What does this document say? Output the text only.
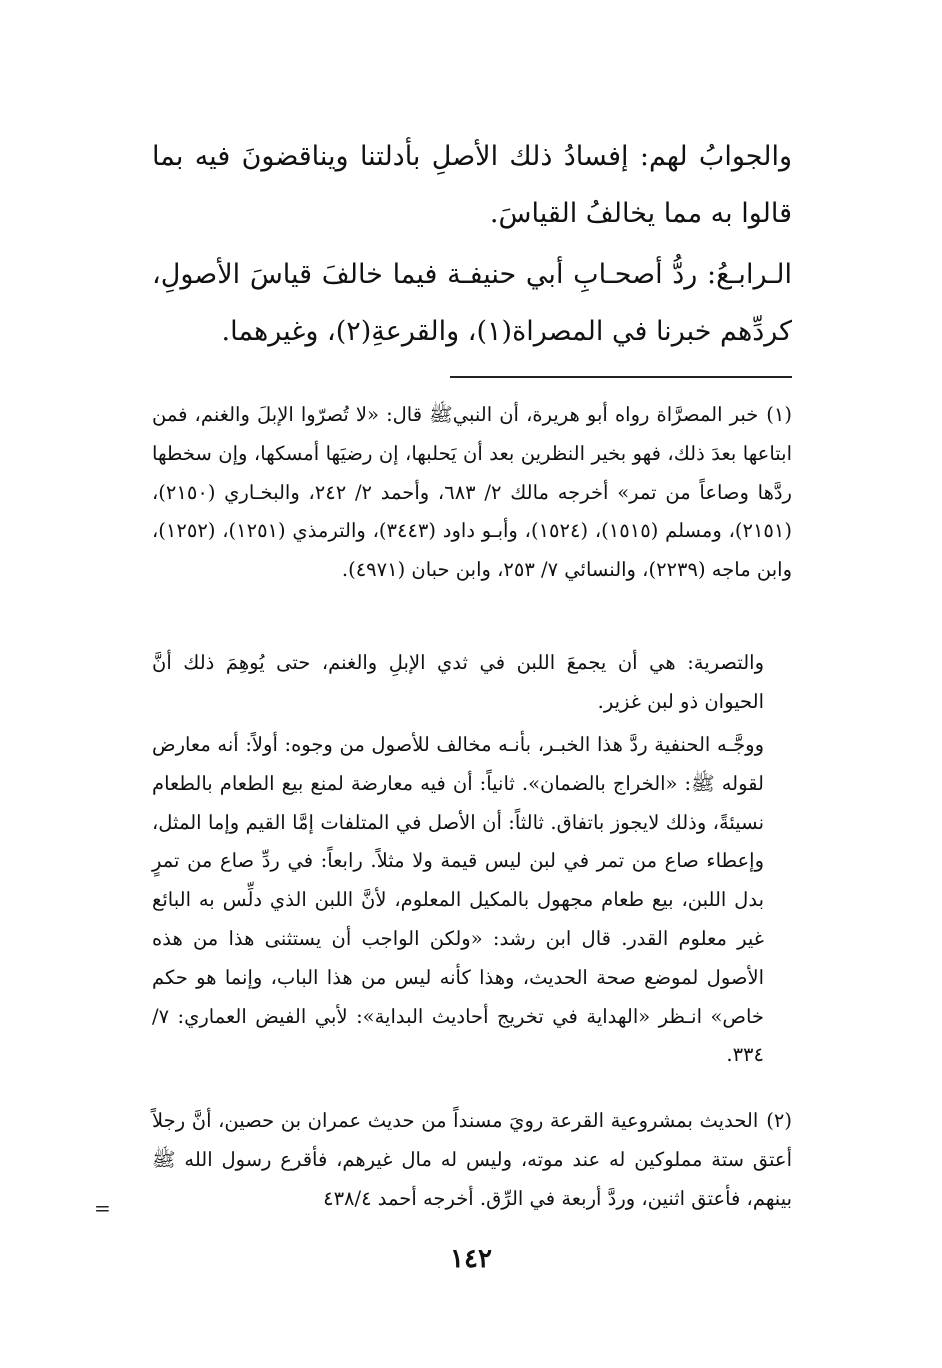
والجوابُ لهم: إفسادُ ذلك الأصلِ بأدلتنا ويناقضونَ فيه بما قالوا به مما يخالفُ القياسَ.
الـرابـعُ: ردُّ أصحـابِ أبي حنيفـة فيما خالفَ قياسَ الأصولِ، كردِّهم خبرنا في المصراة(١)، والقرعةِ(٢)، وغيرهما.
(١)خبر المصرَّاة رواه أبو هريرة، أن النبيﷺ قال: «لا تُصرّوا الإبلَ والغنم، فمن ابتاعها بعدَ ذلك، فهو بخير النظرين بعد أن يَحلبها، إن رضيَها أمسكها، وإن سخطها ردَّها وصاعاً من تمر» أخرجه مالك ٢/ ٦٨٣، وأحمد ٢/ ٢٤٢، والبخـاري (٢١٥٠)، (٢١٥١)، ومسلم (١٥١٥)، (١٥٢٤)، وأبـو داود (٣٤٤٣)، والترمذي (١٢٥١)، (١٢٥٢)، وابن ماجه (٢٢٣٩)، والنسائي ٧/ ٢٥٣، وابن حبان (٤٩٧١).
والتصرية: هي أن يجمعَ اللبن في ثدي الإبلِ والغنم، حتى يُوهِمَ ذلك أنَّ الحيوان ذو لبن غزير.
ووجَّـه الحنفية ردَّ هذا الخبـر، بأنـه مخالف للأصول من وجوه: أولاً: أنه معارض لقوله ﷺ: «الخراج بالضمان». ثانياً: أن فيه معارضة لمنع بيع الطعام بالطعام نسيئةً، وذلك لايجوز باتفاق. ثالثاً: أن الأصل في المتلفات إمَّا القيم وإما المثل، وإعطاء صاع من تمر في لبن ليس قيمة ولا مثلاً. رابعاً: في ردِّ صاع من تمرٍ بدل اللبن، بيع طعام مجهول بالمكيل المعلوم، لأنَّ اللبن الذي دلِّس به البائع غير معلوم القدر. قال ابن رشد: «ولكن الواجب أن يستثنى هذا من هذه الأصول لموضع صحة الحديث، وهذا كأنه ليس من هذا الباب، وإنما هو حكم خاص» انـظر «الهداية في تخريج أحاديث البداية»: لأبي الفيض العماري: ٧/ ٣٣٤.
(٢)الحديث بمشروعية القرعة رويَ مسنداً من حديث عمران بن حصين، أنَّ رجلاً أعتق ستة مملوكين له عند موته، وليس له مال غيرهم، فأقرع رسول الله ﷺ بينهم، فأعتق اثنين، وردَّ أربعة في الرِّق. أخرجه أحمد ٤٣٨/٤
=
١٤٢
